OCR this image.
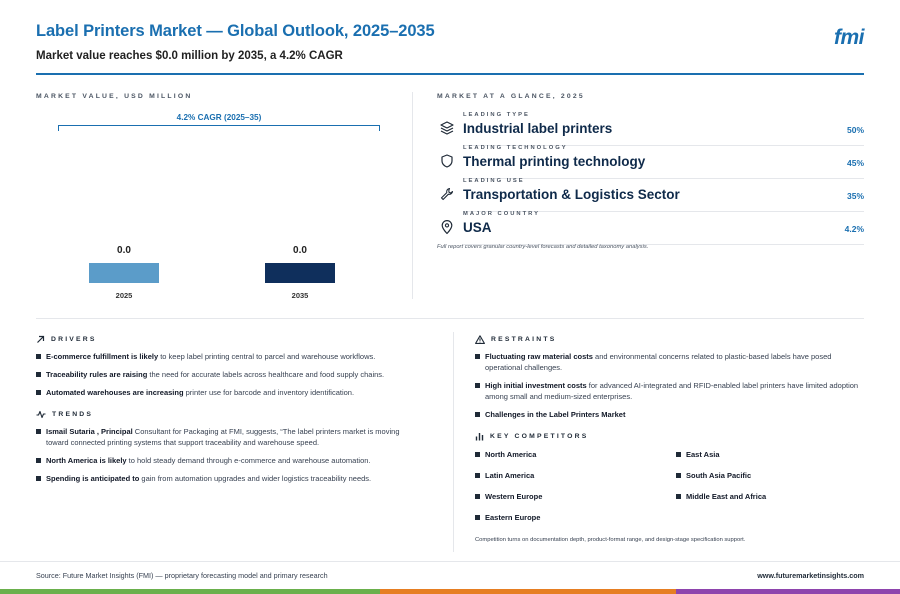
Label Printers Market — Global Outlook, 2025–2035
Market value reaches $0.0 million by 2035, a 4.2% CAGR
fmi
MARKET VALUE, USD MILLION
4.2% CAGR (2025–35)
0.0
2025
0.0
2035
MARKET AT A GLANCE, 2025
LEADING TYPE
Industrial label printers	50%
LEADING TECHNOLOGY
Thermal printing technology	45%
LEADING USE
Transportation & Logistics Sector	35%
MAJOR COUNTRY
USA	4.2%
Full report covers granular country-level forecasts and detailed taxonomy analysis.
DRIVERS
E-commerce fulfillment is likely to keep label printing central to parcel and warehouse workflows.
Traceability rules are raising the need for accurate labels across healthcare and food supply chains.
Automated warehouses are increasing printer use for barcode and inventory identification.
TRENDS
Ismail Sutaria , Principal Consultant for Packaging at FMI, suggests, “The label printers market is moving toward connected printing systems that support traceability and warehouse speed.
North America is likely to hold steady demand through e-commerce and warehouse automation.
Spending is anticipated to gain from automation upgrades and wider logistics traceability needs.
RESTRAINTS
Fluctuating raw material costs and environmental concerns related to plastic-based labels have posed operational challenges.
High initial investment costs for advanced AI-integrated and RFID-enabled label printers have limited adoption among small and medium-sized enterprises.
Challenges in the Label Printers Market
KEY COMPETITORS
North America	East Asia
Latin America	South Asia Pacific
Western Europe	Middle East and Africa
Eastern Europe
Competition turns on documentation depth, product-format range, and design-stage specification support.
Source: Future Market Insights (FMI) — proprietary forecasting model and primary research	www.futuremarketinsights.com
